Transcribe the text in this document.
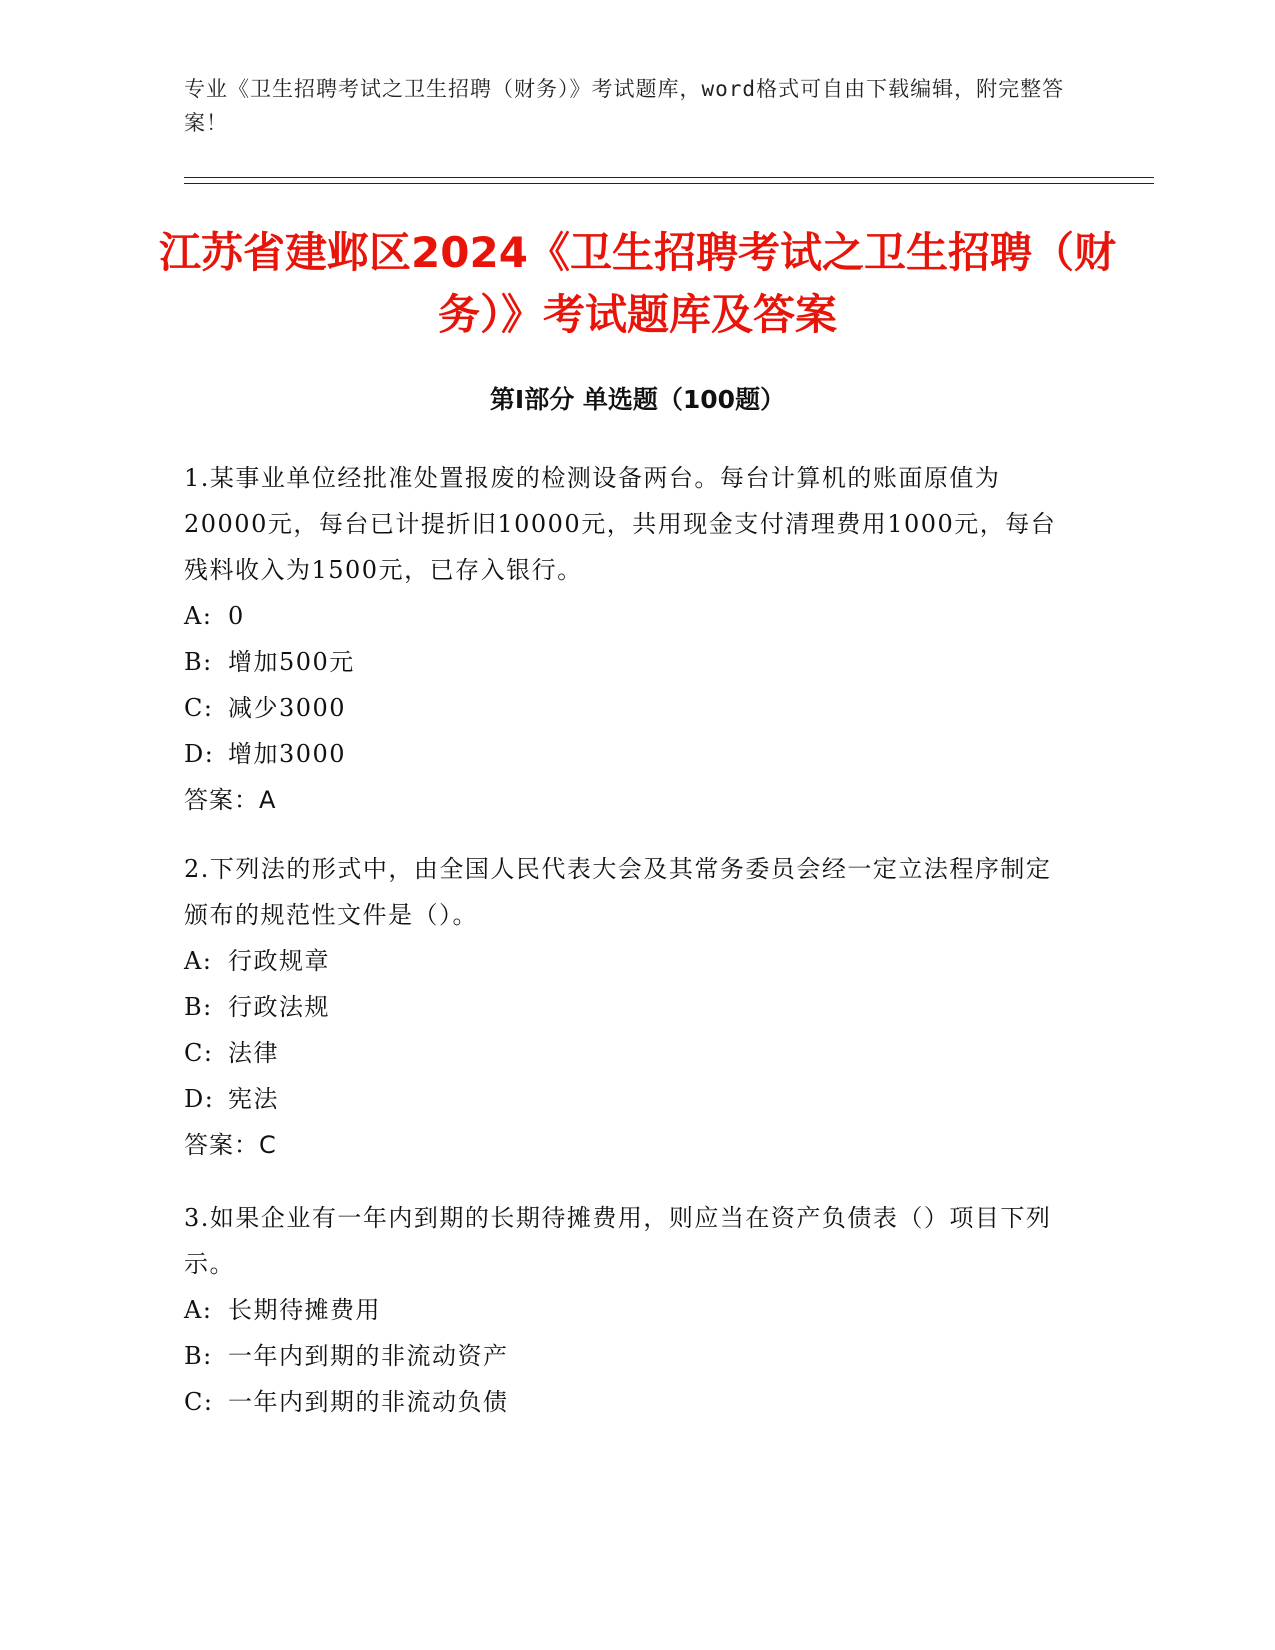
专业《卫生招聘考试之卫生招聘（财务）》考试题库，word格式可自由下载编辑，附完整答案！
江苏省建邺区2024《卫生招聘考试之卫生招聘（财务）》考试题库及答案
第Ⅰ部分 单选题（100题）

1.某事业单位经批准处置报废的检测设备两台。每台计算机的账面原值为20000元，每台已计提折旧10000元，共用现金支付清理费用1000元，每台残料收入为1500元，已存入银行。

A: 0

B: 增加500元

C: 减少3000

D: 增加3000

答案：A

2.下列法的形式中，由全国人民代表大会及其常务委员会经一定立法程序制定颁布的规范性文件是（）。

A: 行政规章

B: 行政法规

C: 法律

D: 宪法

答案：C

3.如果企业有一年内到期的长期待摊费用，则应当在资产负债表（）项目下列示。

A: 长期待摊费用

B: 一年内到期的非流动资产

C: 一年内到期的非流动负债
